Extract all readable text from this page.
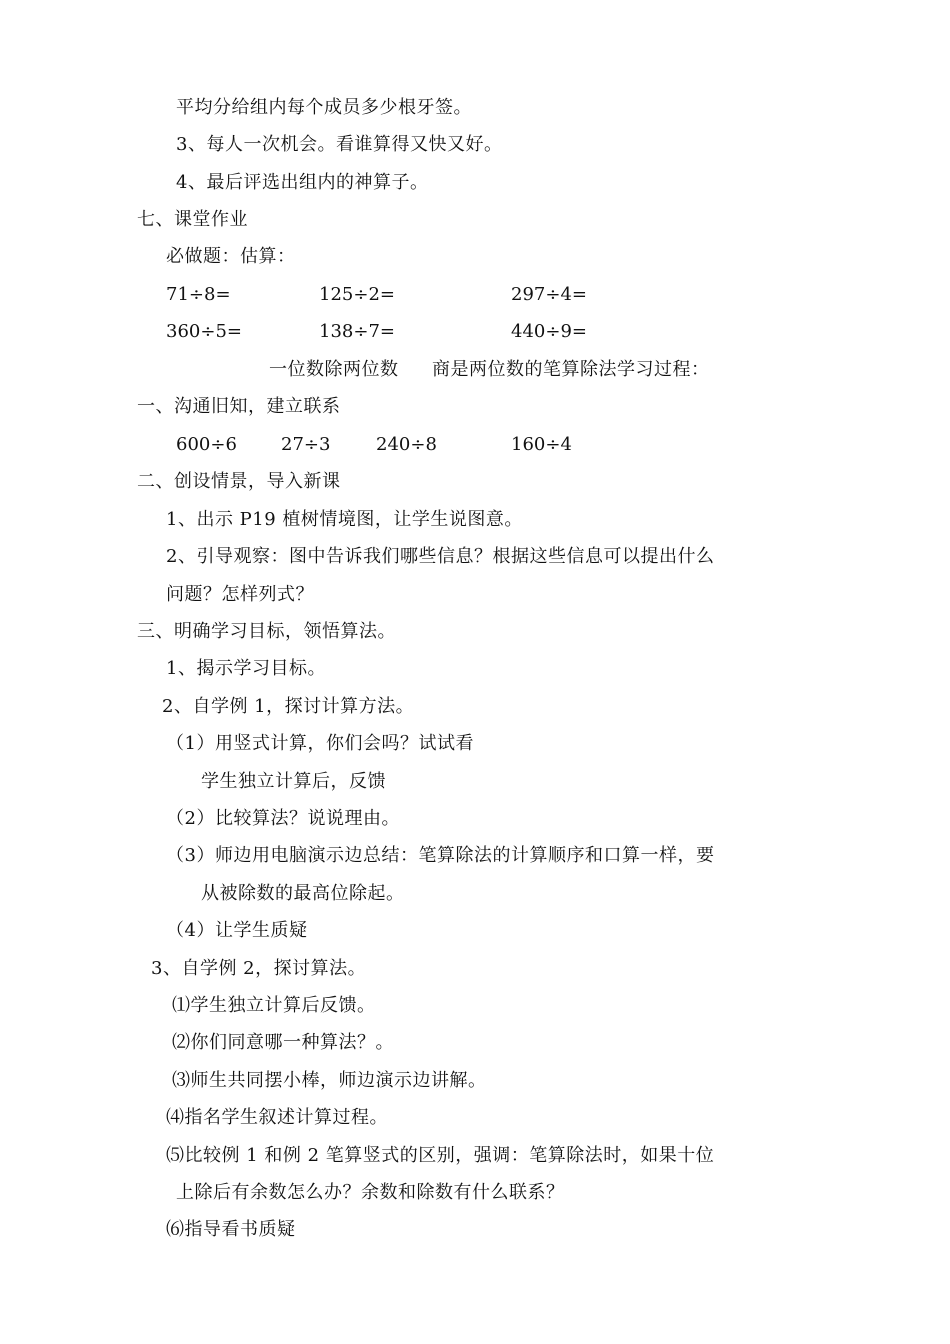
平均分给组内每个成员多少根牙签。
3、每人一次机会。看谁算得又快又好。
4、最后评选出组内的神算子。
七、课堂作业
必做题：估算：
71÷8=	125÷2=	297÷4=
360÷5=	138÷7=	440÷9=
一位数除两位数 商是两位数的笔算除法学习过程：
一、沟通旧知，建立联系
600÷6 27÷3	240÷8	160÷4
二、创设情景，导入新课
1、出示 P19 植树情境图，让学生说图意。
2、引导观察：图中告诉我们哪些信息？根据这些信息可以提出什么
问题？怎样列式？
三、明确学习目标，领悟算法。
1、揭示学习目标。
2、自学例 1，探讨计算方法。
（1）用竖式计算，你们会吗？试试看
学生独立计算后，反馈
（2）比较算法？说说理由。
（3）师边用电脑演示边总结：笔算除法的计算顺序和口算一样，要
从被除数的最高位除起。
（4）让学生质疑
3、自学例 2，探讨算法。
⑴学生独立计算后反馈。
⑵你们同意哪一种算法？。
⑶师生共同摆小棒，师边演示边讲解。
⑷指名学生叙述计算过程。
⑸比较例 1 和例 2 笔算竖式的区别，强调：笔算除法时，如果十位
上除后有余数怎么办？余数和除数有什么联系？
⑹指导看书质疑
